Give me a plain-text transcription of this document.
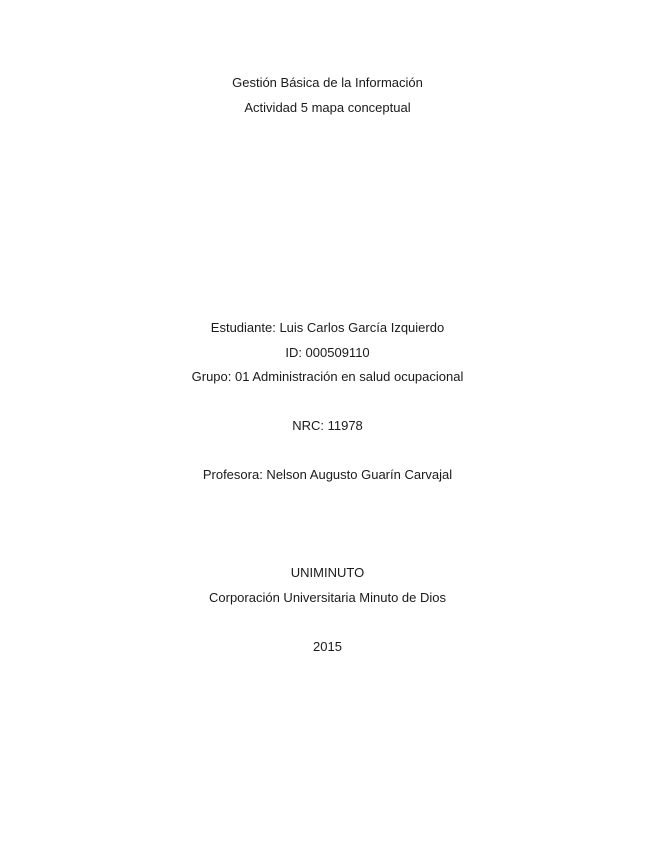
Gestión Básica de la Información
Actividad 5 mapa conceptual
Estudiante: Luis Carlos García Izquierdo
ID: 000509110
Grupo: 01 Administración en salud ocupacional
NRC: 11978
Profesora: Nelson Augusto Guarín Carvajal
UNIMINUTO
Corporación Universitaria Minuto de Dios
2015
